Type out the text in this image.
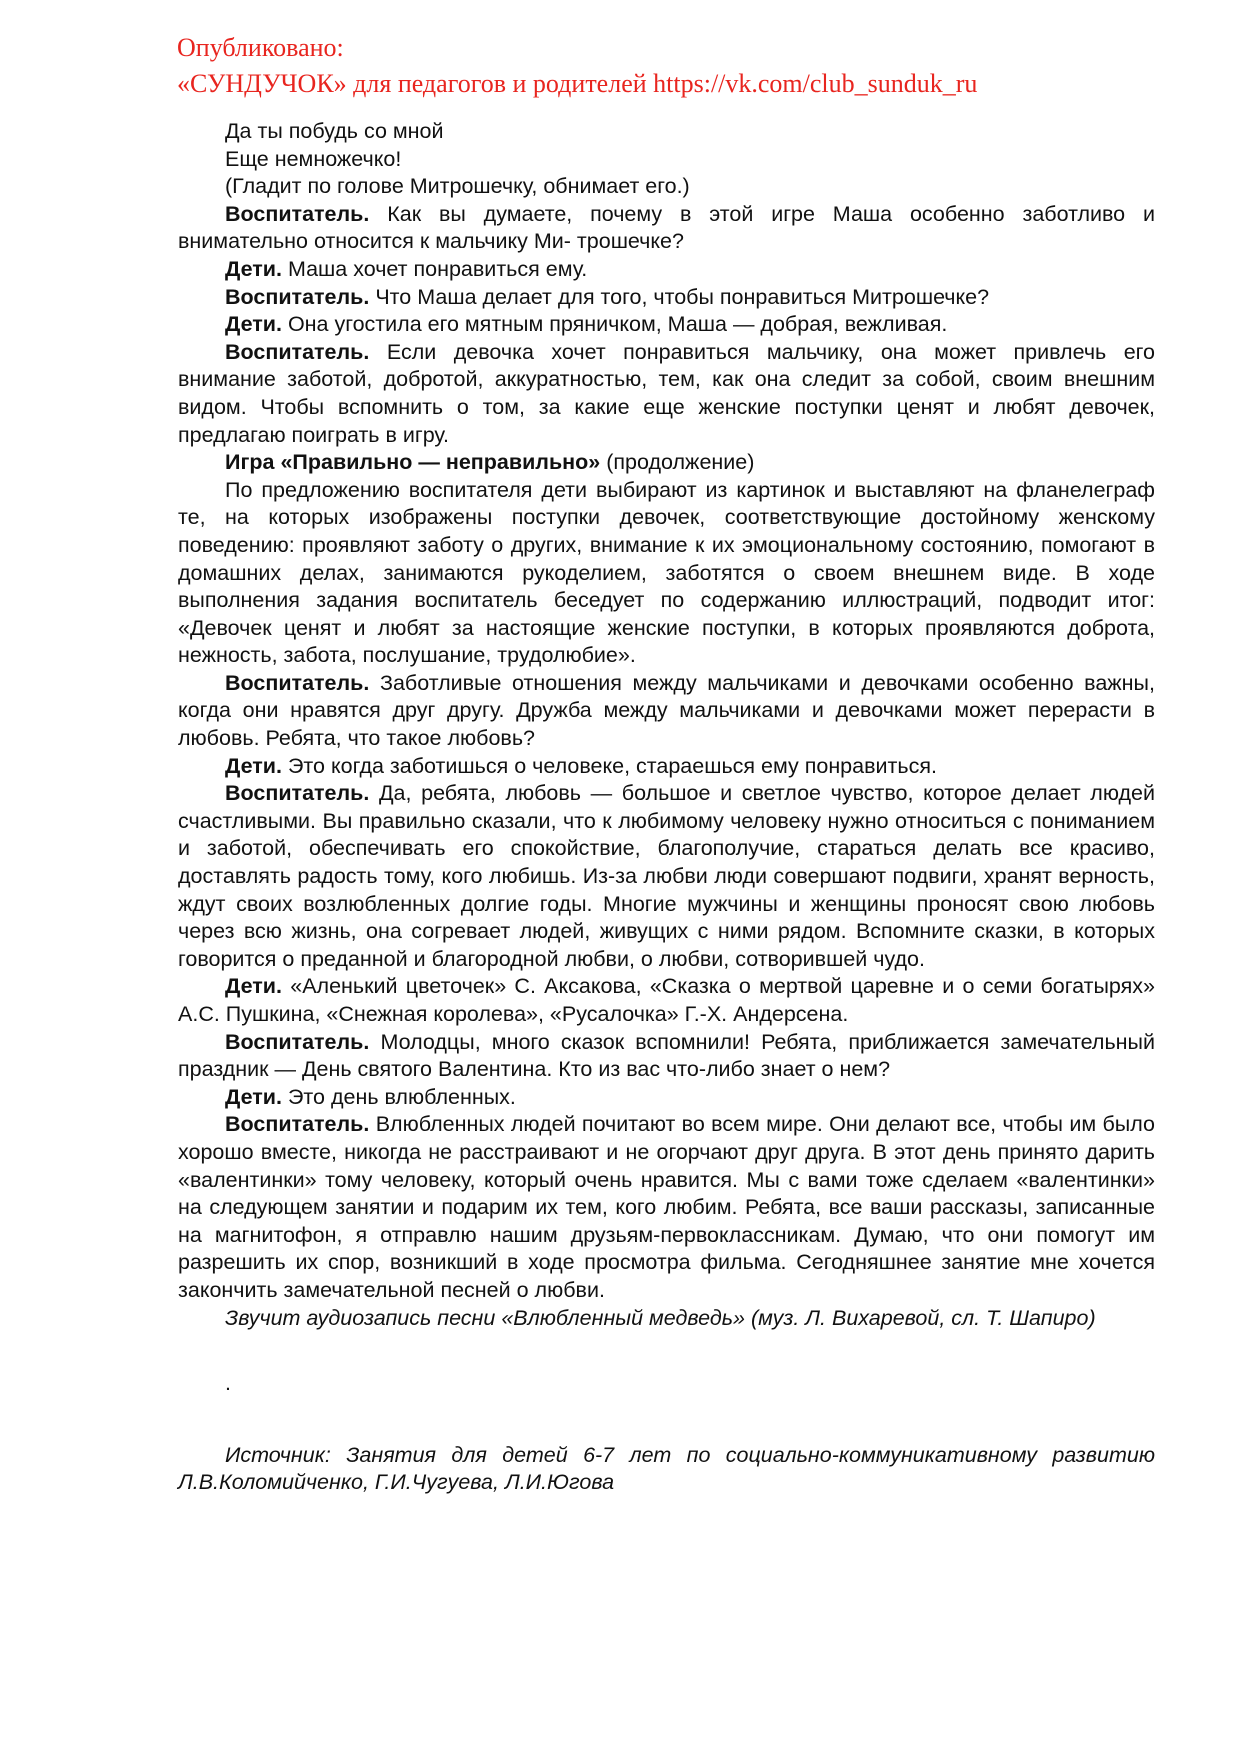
Опубликовано:
«СУНДУЧОК» для педагогов и родителей https://vk.com/club_sunduk_ru

Да ты побудь со мной

Еще немножечко!

(Гладит по голове Митрошечку, обнимает его.)

Воспитатель. Как вы думаете, почему в этой игре Маша особенно заботливо и внимательно относится к мальчику Ми- трошечке?

Дети. Маша хочет понравиться ему.

Воспитатель. Что Маша делает для того, чтобы понравиться Митрошечке?

Дети. Она угостила его мятным пряничком, Маша — добрая, вежливая.

Воспитатель. Если девочка хочет понравиться мальчику, она может привлечь его внимание заботой, добротой, аккуратностью, тем, как она следит за собой, своим внешним видом. Чтобы вспомнить о том, за какие еще женские поступки ценят и любят девочек, предлагаю поиграть в игру.

Игра «Правильно — неправильно» (продолжение)

По предложению воспитателя дети выбирают из картинок и выставляют на фланелеграф те, на которых изображены поступки девочек, соответствующие достойному женскому поведению: проявляют заботу о других, внимание к их эмоциональному состоянию, помогают в домашних делах, занимаются рукоделием, заботятся о своем внешнем виде. В ходе выполнения задания воспитатель беседует по содержанию иллюстраций, подводит итог: «Девочек ценят и любят за настоящие женские поступки, в которых проявляются доброта, нежность, забота, послушание, трудолюбие».

Воспитатель. Заботливые отношения между мальчиками и девочками особенно важны, когда они нравятся друг другу. Дружба между мальчиками и девочками может перерасти в любовь. Ребята, что такое любовь?

Дети. Это когда заботишься о человеке, стараешься ему понравиться.

Воспитатель. Да, ребята, любовь — большое и светлое чувство, которое делает людей счастливыми. Вы правильно сказали, что к любимому человеку нужно относиться с пониманием и заботой, обеспечивать его спокойствие, благополучие, стараться делать все красиво, доставлять радость тому, кого любишь. Из-за любви люди совершают подвиги, хранят верность, ждут своих возлюбленных долгие годы. Многие мужчины и женщины проносят свою любовь через всю жизнь, она согревает людей, живущих с ними рядом. Вспомните сказки, в которых говорится о преданной и благородной любви, о любви, сотворившей чудо.

Дети. «Аленький цветочек» С. Аксакова, «Сказка о мертвой царевне и о семи богатырях» А.С. Пушкина, «Снежная королева», «Русалочка» Г.-Х. Андерсена.

Воспитатель. Молодцы, много сказок вспомнили! Ребята, приближается замечательный праздник — День святого Валентина. Кто из вас что-либо знает о нем?

Дети. Это день влюбленных.

Воспитатель. Влюбленных людей почитают во всем мире. Они делают все, чтобы им было хорошо вместе, никогда не расстраивают и не огорчают друг друга. В этот день принято дарить «валентинки» тому человеку, который очень нравится. Мы с вами тоже сделаем «валентинки» на следующем занятии и подарим их тем, кого любим. Ребята, все ваши рассказы, записанные на магнитофон, я отправлю нашим друзьям-первоклассникам. Думаю, что они помогут им разрешить их спор, возникший в ходе просмотра фильма. Сегодняшнее занятие мне хочется закончить замечательной песней о любви.

Звучит аудиозапись песни «Влюбленный медведь» (муз. Л. Вихаревой, сл. Т. Шапиро)

.

Источник: Занятия для детей 6-7 лет по социально-коммуникативному развитию Л.В.Коломийченко, Г.И.Чугуева, Л.И.Югова
